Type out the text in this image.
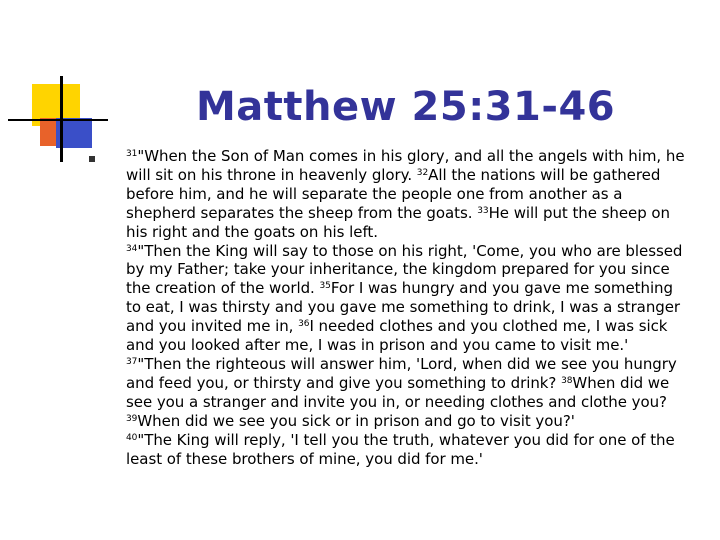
Matthew 25:31-46
$^{31}$"When the Son of Man comes in his glory, and all the angels with him, he will sit on his throne in heavenly glory. $^{32}$All the nations will be gathered before him, and he will separate the people one from another as a shepherd separates the sheep from the goats. $^{33}$He will put the sheep on his right and the goats on his left.
$^{34}$"Then the King will say to those on his right, 'Come, you who are blessed by my Father; take your inheritance, the kingdom prepared for you since the creation of the world. $^{35}$For I was hungry and you gave me something to eat, I was thirsty and you gave me something to drink, I was a stranger and you invited me in, $^{36}$I needed clothes and you clothed me, I was sick and you looked after me, I was in prison and you came to visit me.'
$^{37}$"Then the righteous will answer him, 'Lord, when did we see you hungry and feed you, or thirsty and give you something to drink? $^{38}$When did we see you a stranger and invite you in, or needing clothes and clothe you? $^{39}$When did we see you sick or in prison and go to visit you?'
$^{40}$"The King will reply, 'I tell you the truth, whatever you did for one of the least of these brothers of mine, you did for me.'
